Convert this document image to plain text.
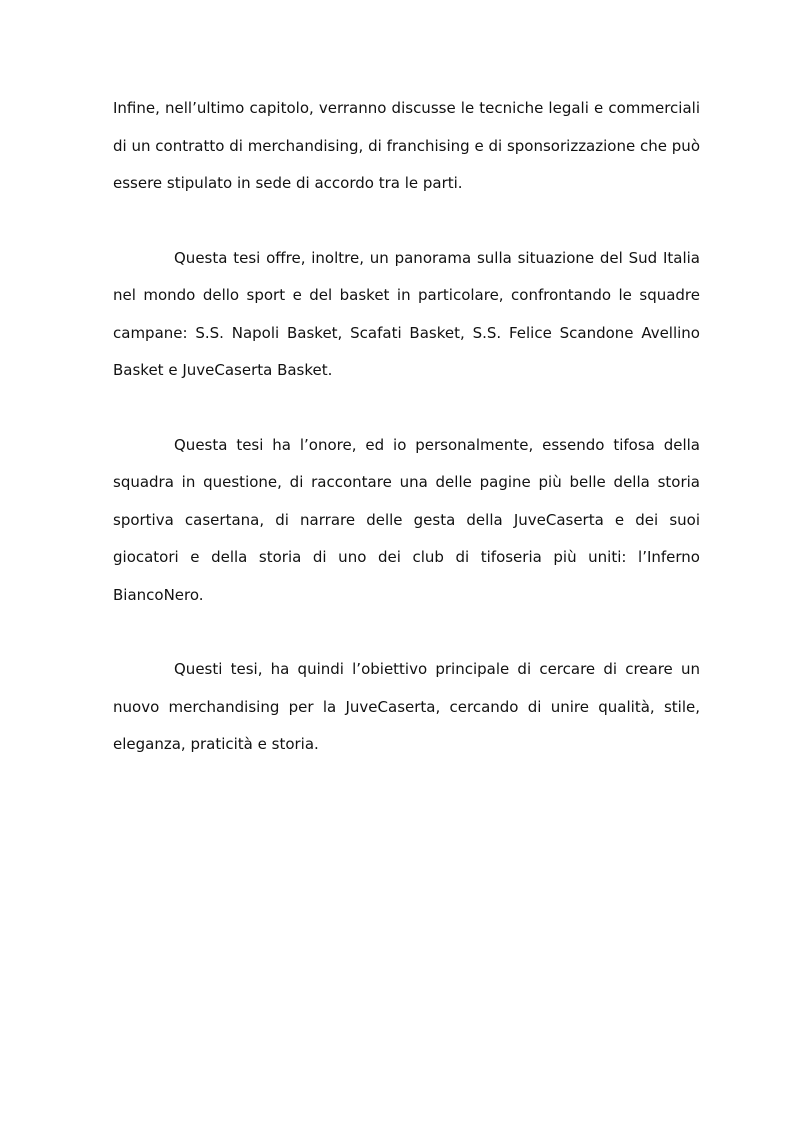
Infine, nell’ultimo capitolo, verranno discusse le tecniche legali e commerciali di un contratto di merchandising, di franchising e di sponsorizzazione che può essere stipulato in sede di accordo tra le parti.

Questa tesi offre, inoltre, un panorama sulla situazione del Sud Italia nel mondo dello sport e del basket in particolare, confrontando le squadre campane: S.S. Napoli Basket, Scafati Basket, S.S. Felice Scandone Avellino Basket e JuveCaserta Basket.

Questa tesi ha l’onore, ed io personalmente, essendo tifosa della squadra in questione, di raccontare una delle pagine più belle della storia sportiva casertana, di narrare delle gesta della JuveCaserta e dei suoi giocatori e della storia di uno dei club di tifoseria più uniti: l’Inferno BiancoNero.

Questi tesi, ha quindi l’obiettivo principale di cercare di creare un nuovo merchandising per la JuveCaserta, cercando di unire qualità, stile, eleganza, praticità e storia.
